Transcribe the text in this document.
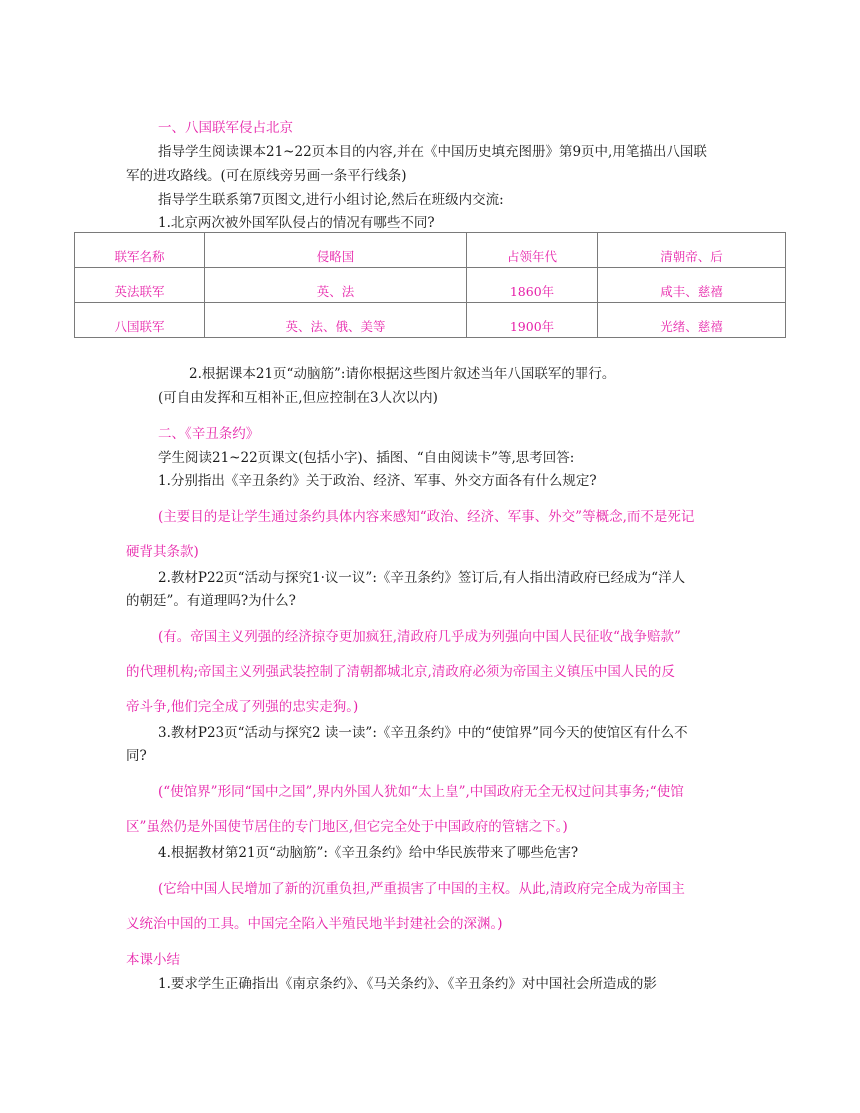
一、八国联军侵占北京
指导学生阅读课本21~22页本目的内容,并在《中国历史填充图册》第9页中,用笔描出八国联
军的进攻路线。(可在原线旁另画一条平行线条)
指导学生联系第7页图文,进行小组讨论,然后在班级内交流:
1.北京两次被外国军队侵占的情况有哪些不同?
联军名称	侵略国	占领年代	清朝帝、后
英法联军	英、法	1860年	咸丰、慈禧
八国联军	英、法、俄、美等	1900年	光绪、慈禧
2.根据课本21页“动脑筋”:请你根据这些图片叙述当年八国联军的罪行。
(可自由发挥和互相补正,但应控制在3人次以内)
二、《辛丑条约》
学生阅读21~22页课文(包括小字)、插图、“自由阅读卡”等,思考回答:
1.分别指出《辛丑条约》关于政治、经济、军事、外交方面各有什么规定?
(主要目的是让学生通过条约具体内容来感知“政治、经济、军事、外交”等概念,而不是死记
硬背其条款)
2.教材P22页“活动与探究1·议一议”:《辛丑条约》签订后,有人指出清政府已经成为“洋人
的朝廷”。有道理吗?为什么?
(有。帝国主义列强的经济掠夺更加疯狂,清政府几乎成为列强向中国人民征收“战争赔款”
的代理机构;帝国主义列强武装控制了清朝都城北京,清政府必须为帝国主义镇压中国人民的反
帝斗争,他们完全成了列强的忠实走狗。)
3.教材P23页“活动与探究2 读一读”:《辛丑条约》中的“使馆界”同今天的使馆区有什么不
同?
(“使馆界”形同“国中之国”,界内外国人犹如“太上皇”,中国政府无全无权过问其事务;“使馆
区”虽然仍是外国使节居住的专门地区,但它完全处于中国政府的管辖之下。)
4.根据教材第21页“动脑筋”:《辛丑条约》给中华民族带来了哪些危害?
(它给中国人民增加了新的沉重负担,严重损害了中国的主权。从此,清政府完全成为帝国主
义统治中国的工具。中国完全陷入半殖民地半封建社会的深渊。)
本课小结
1.要求学生正确指出《南京条约》、《马关条约》、《辛丑条约》对中国社会所造成的影
